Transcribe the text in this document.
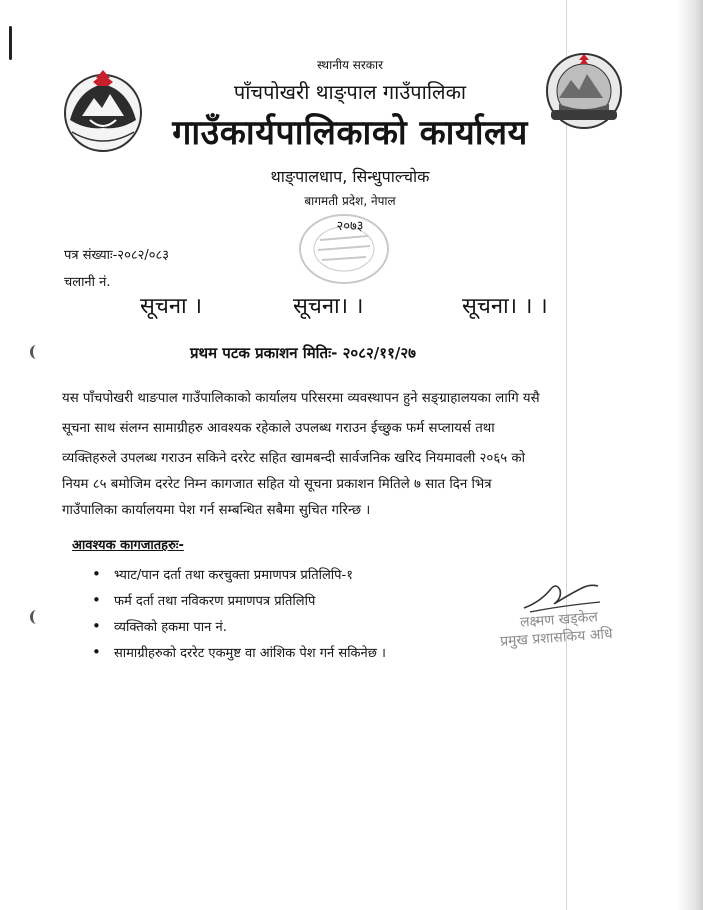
स्थानीय सरकार
पाँचपोखरी थाङ्पाल गाउँपालिका
गाउँकार्यपालिकाको कार्यालय
थाङ्पालधाप, सिन्धुपाल्चोक
बागमती प्रदेश, नेपाल
२०७३
पत्र संख्याः-२०८२/०८३
चलानी नं.
सूचना ।	सूचना। ।	सूचना। । ।
प्रथम पटक प्रकाशन मितिः- २०८२/११/२७
यस पाँचपोखरी थाङपाल गाउँपालिकाको कार्यालय परिसरमा व्यवस्थापन हुने सङ्ग्राहालयका लागि यसै
सूचना साथ संलग्न सामाग्रीहरु आवश्यक रहेकाले उपलब्ध गराउन ईच्छुक फर्म सप्लायर्स तथा
व्यक्तिहरुले उपलब्ध गराउन सकिने दररेट सहित खामबन्दी सार्वजनिक खरिद नियमावली २०६५ को
नियम ८५ बमोजिम दररेट निम्न कागजात सहित यो सूचना प्रकाशन मितिले ७ सात दिन भित्र
गाउँपालिका कार्यालयमा पेश गर्न सम्बन्धित सबैमा सुचित गरिन्छ ।
आवश्यक कागजातहरुः-
• भ्याट/पान दर्ता तथा करचुक्ता प्रमाणपत्र प्रतिलिपि-१
• फर्म दर्ता तथा नविकरण प्रमाणपत्र प्रतिलिपि
• व्यक्तिको हकमा पान नं.
• सामाग्रीहरुको दररेट एकमुष्ट वा आंशिक पेश गर्न सकिनेछ ।
लक्ष्मण खड्केल
प्रमुख प्रशासकिय अधि
